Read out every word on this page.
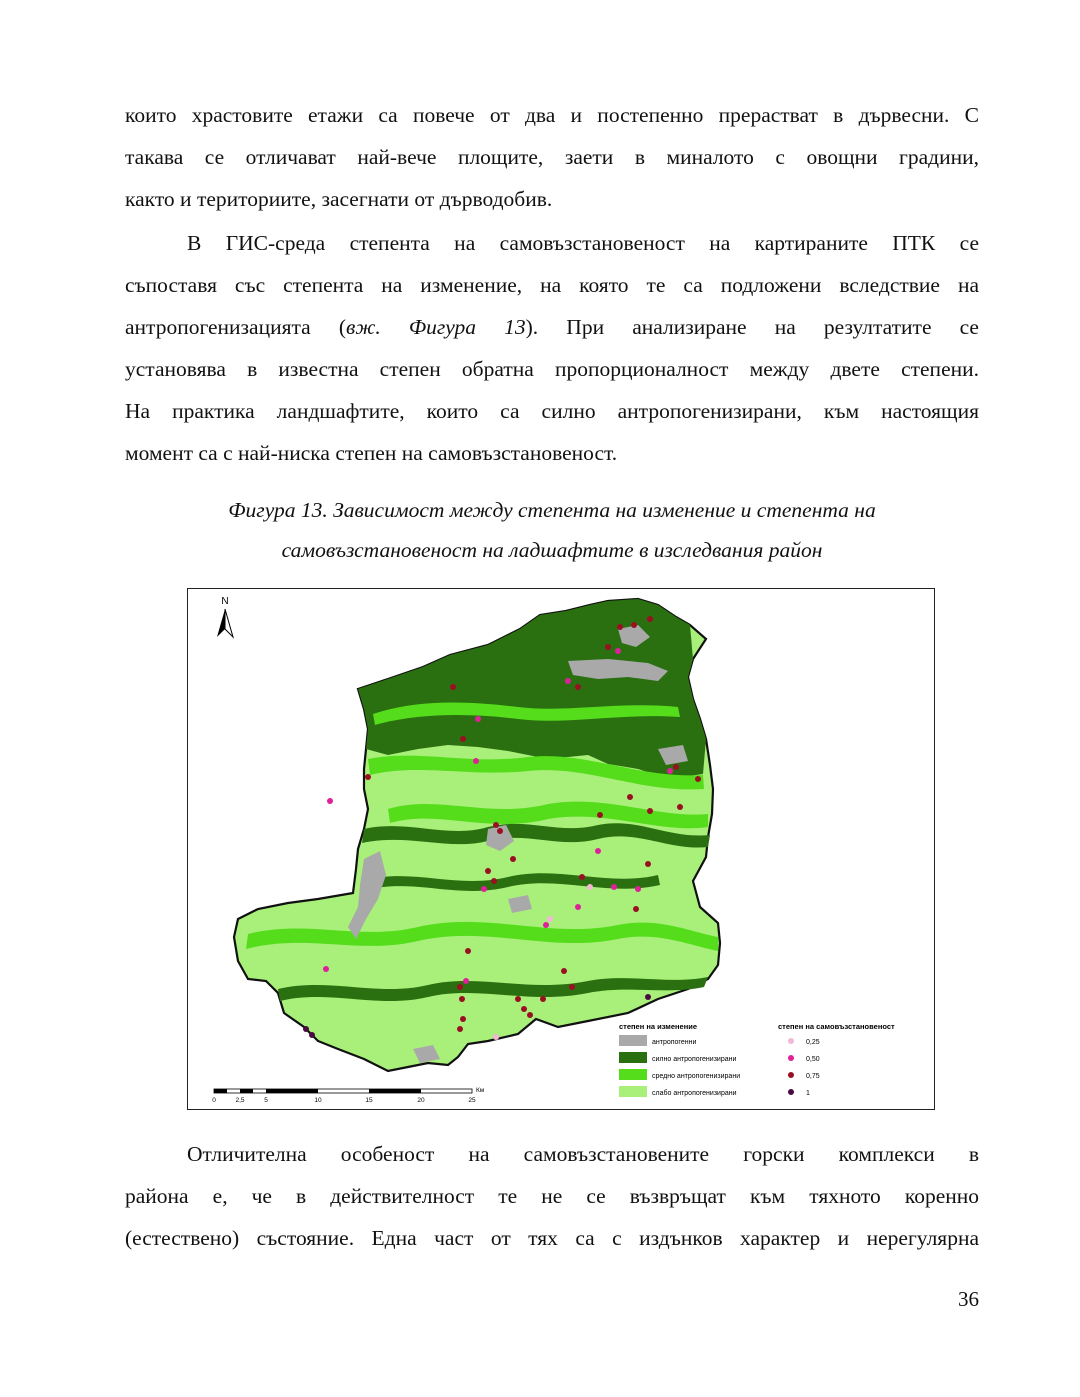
които храстовите етажи са повече от два и постепенно прерастват в дървесни. С
такава се отличават най-вече площите, заети в миналото с овощни градини,
както и териториите, засегнати от дърводобив.

В ГИС-среда степента на самовъзстановеност на картираните ПТК се
съпоставя със степента на изменение, на която те са подложени вследствие на
антропогенизацията (вж. Фигура 13). При анализиране на резултатите се
установява в известна степен обратна пропорционалност между двете степени.
На практика ландшафтите, които са силно антропогенизирани, към настоящия
момент са с най-ниска степен на самовъзстановеност.

Фигура 13. Зависимост между степента на изменение и степента на
самовъзстановеност на ладшафтите в изследвания район

N
0	2,5	5	10	15	20	25
Км
степен на изменение
антропогенни
силно антропогенизирани
средно антропогенизирани
слабо антропогенизирани
степен на самовъзстановеност
0,25
0,50
0,75
1

Отличителна особеност на самовъзстановените горски комплекси в
района е, че в действителност те не се възвръщат към тяхното коренно
(естествено) състояние. Една част от тях са с издънков характер и нерегулярна

36
